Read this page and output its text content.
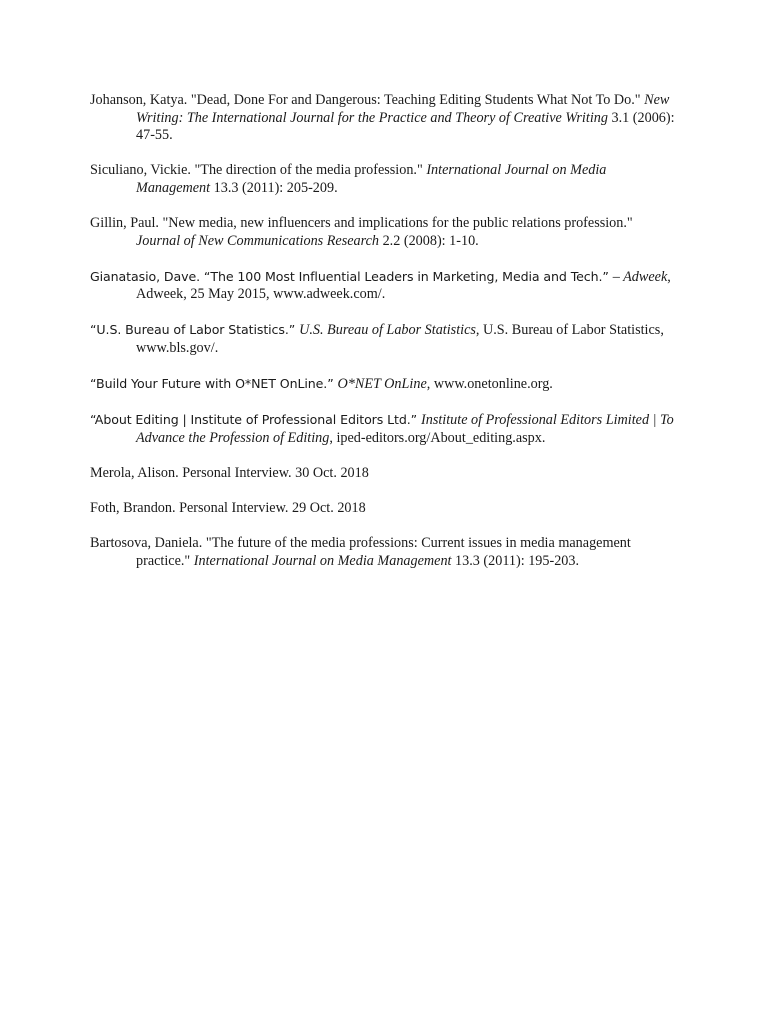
Johanson, Katya. "Dead, Done For and Dangerous: Teaching Editing Students What Not To Do." New Writing: The International Journal for the Practice and Theory of Creative Writing 3.1 (2006): 47-55.

Siculiano, Vickie. "The direction of the media profession." International Journal on Media Management 13.3 (2011): 205-209.

Gillin, Paul. "New media, new influencers and implications for the public relations profession." Journal of New Communications Research 2.2 (2008): 1-10.

Gianatasio, Dave. “The 100 Most Influential Leaders in Marketing, Media and Tech.” – Adweek, Adweek, 25 May 2015, www.adweek.com/.

“U.S. Bureau of Labor Statistics.” U.S. Bureau of Labor Statistics, U.S. Bureau of Labor Statistics, www.bls.gov/.

“Build Your Future with O*NET OnLine.” O*NET OnLine, www.onetonline.org.

“About Editing | Institute of Professional Editors Ltd.” Institute of Professional Editors Limited | To Advance the Profession of Editing, iped-editors.org/About_editing.aspx.

Merola, Alison. Personal Interview. 30 Oct. 2018

Foth, Brandon. Personal Interview. 29 Oct. 2018

Bartosova, Daniela. "The future of the media professions: Current issues in media management practice." International Journal on Media Management 13.3 (2011): 195-203.
